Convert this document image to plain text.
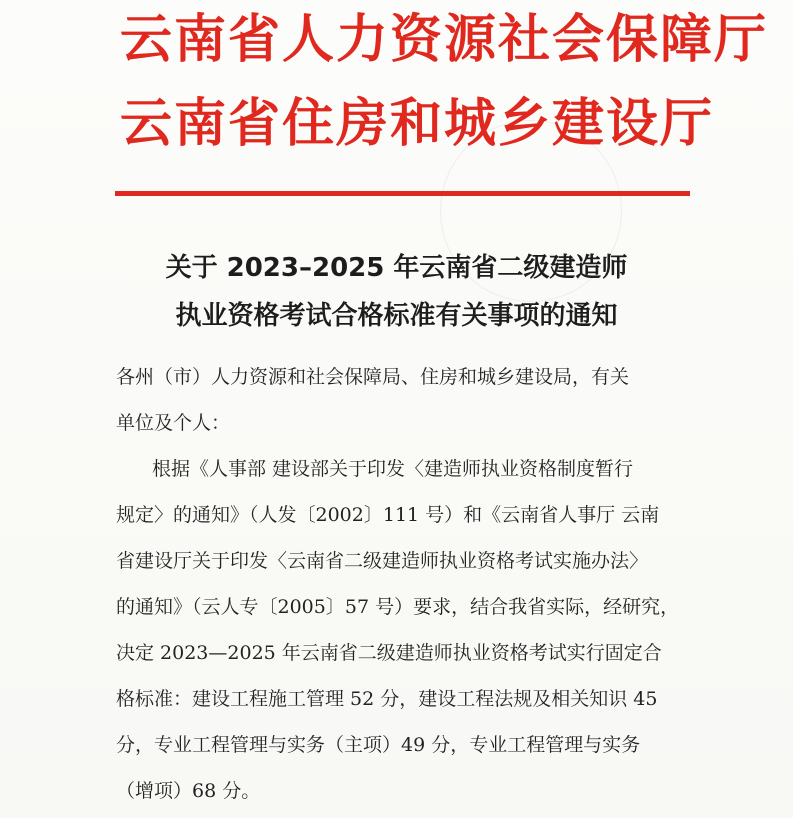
云南省人力资源社会保障厅
云南省住房和城乡建设厅
关于 2023–2025 年云南省二级建造师
执业资格考试合格标准有关事项的通知
各州（市）人力资源和社会保障局、住房和城乡建设局，有关
单位及个人：
根据《人事部 建设部关于印发〈建造师执业资格制度暂行
规定〉的通知》（人发〔2002〕111 号）和《云南省人事厅 云南
省建设厅关于印发〈云南省二级建造师执业资格考试实施办法〉
的通知》（云人专〔2005〕57 号）要求，结合我省实际，经研究，
决定 2023—2025 年云南省二级建造师执业资格考试实行固定合
格标准：建设工程施工管理 52 分，建设工程法规及相关知识 45
分，专业工程管理与实务（主项）49 分，专业工程管理与实务
（增项）68 分。
